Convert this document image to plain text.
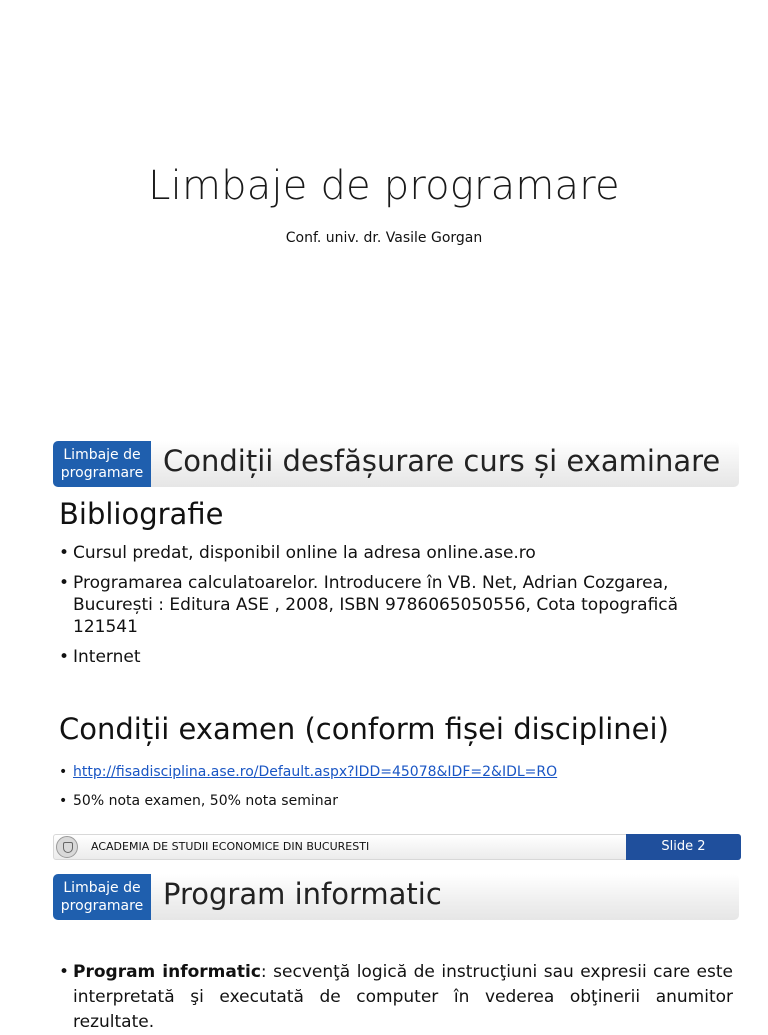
Limbaje de programare
Conf. univ. dr. Vasile Gorgan
Limbaje de
programare Condiții desfășurare curs și examinare
Bibliografie
• Cursul predat, disponibil online la adresa online.ase.ro
• Programarea calculatoarelor. Introducere în VB. Net, Adrian Cozgarea, București : Editura ASE , 2008, ISBN 9786065050556, Cota topografică 121541
• Internet
Condiții examen (conform fișei disciplinei)
• http://fisadisciplina.ase.ro/Default.aspx?IDD=45078&IDF=2&IDL=RO
• 50% nota examen, 50% nota seminar
ACADEMIA DE STUDII ECONOMICE DIN BUCURESTI	Slide 2
Limbaje de
programare Program informatic
• Program informatic: secvenţă logică de instrucţiuni sau expresii care este interpretată şi executată de computer în vederea obţinerii anumitor rezultate.
